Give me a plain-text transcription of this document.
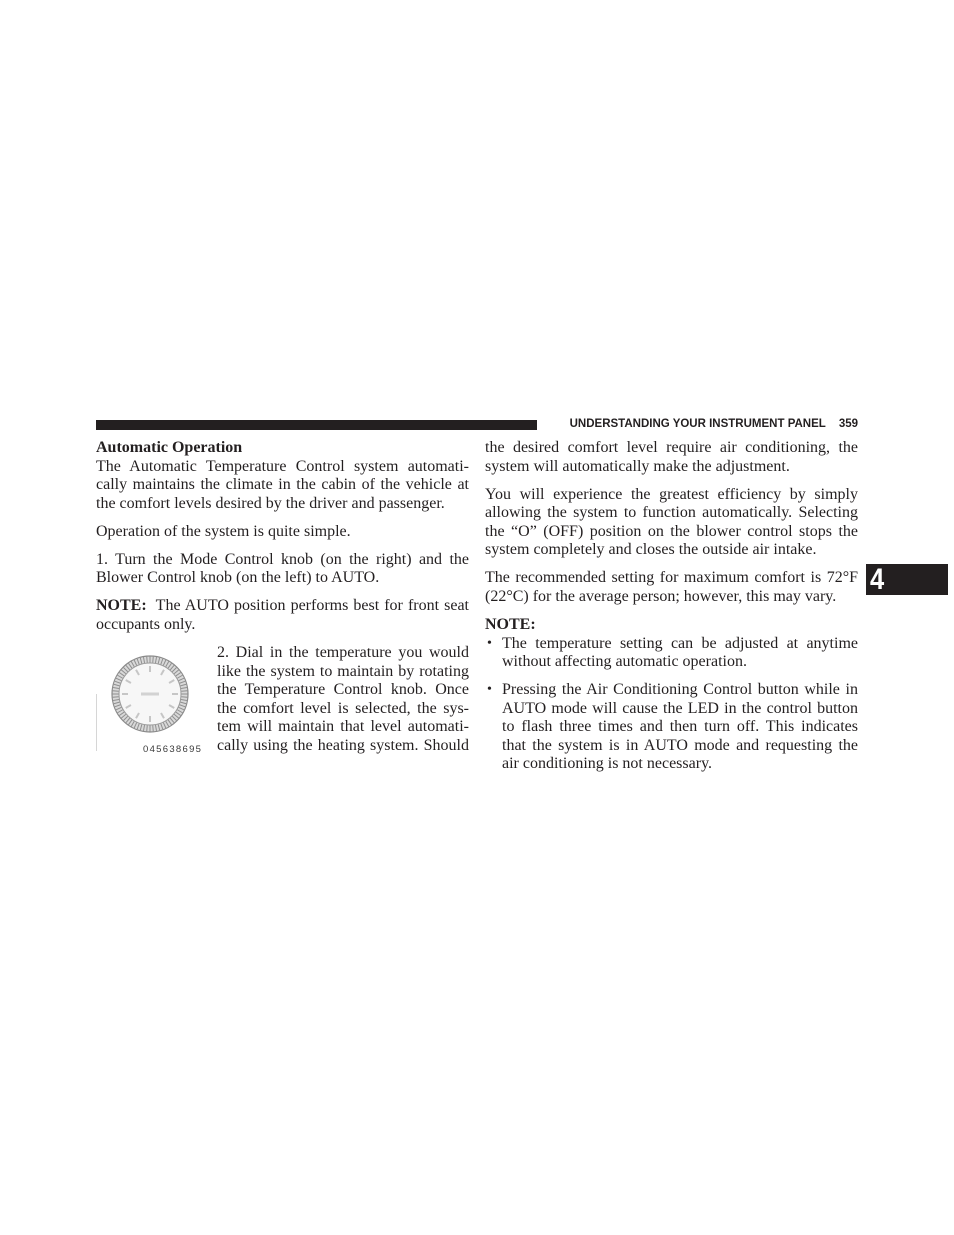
UNDERSTANDING YOUR INSTRUMENT PANEL 359
4
Automatic Operation
The Automatic Temperature Control system automati-
cally maintains the climate in the cabin of the vehicle at
the comfort levels desired by the driver and passenger.
Operation of the system is quite simple.
1. Turn the Mode Control knob (on the right) and the
Blower Control knob (on the left) to AUTO.
NOTE: The AUTO position performs best for front seat
occupants only.
045638695
2. Dial in the temperature you would
like the system to maintain by rotating
the Temperature Control knob. Once
the comfort level is selected, the sys-
tem will maintain that level automati-
cally using the heating system. Should
the desired comfort level require air conditioning, the
system will automatically make the adjustment.
You will experience the greatest efficiency by simply
allowing the system to function automatically. Selecting
the “O” (OFF) position on the blower control stops the
system completely and closes the outside air intake.
The recommended setting for maximum comfort is 72°F
(22°C) for the average person; however, this may vary.
NOTE:
• The temperature setting can be adjusted at anytime
without affecting automatic operation.
• Pressing the Air Conditioning Control button while in
AUTO mode will cause the LED in the control button
to flash three times and then turn off. This indicates
that the system is in AUTO mode and requesting the
air conditioning is not necessary.
